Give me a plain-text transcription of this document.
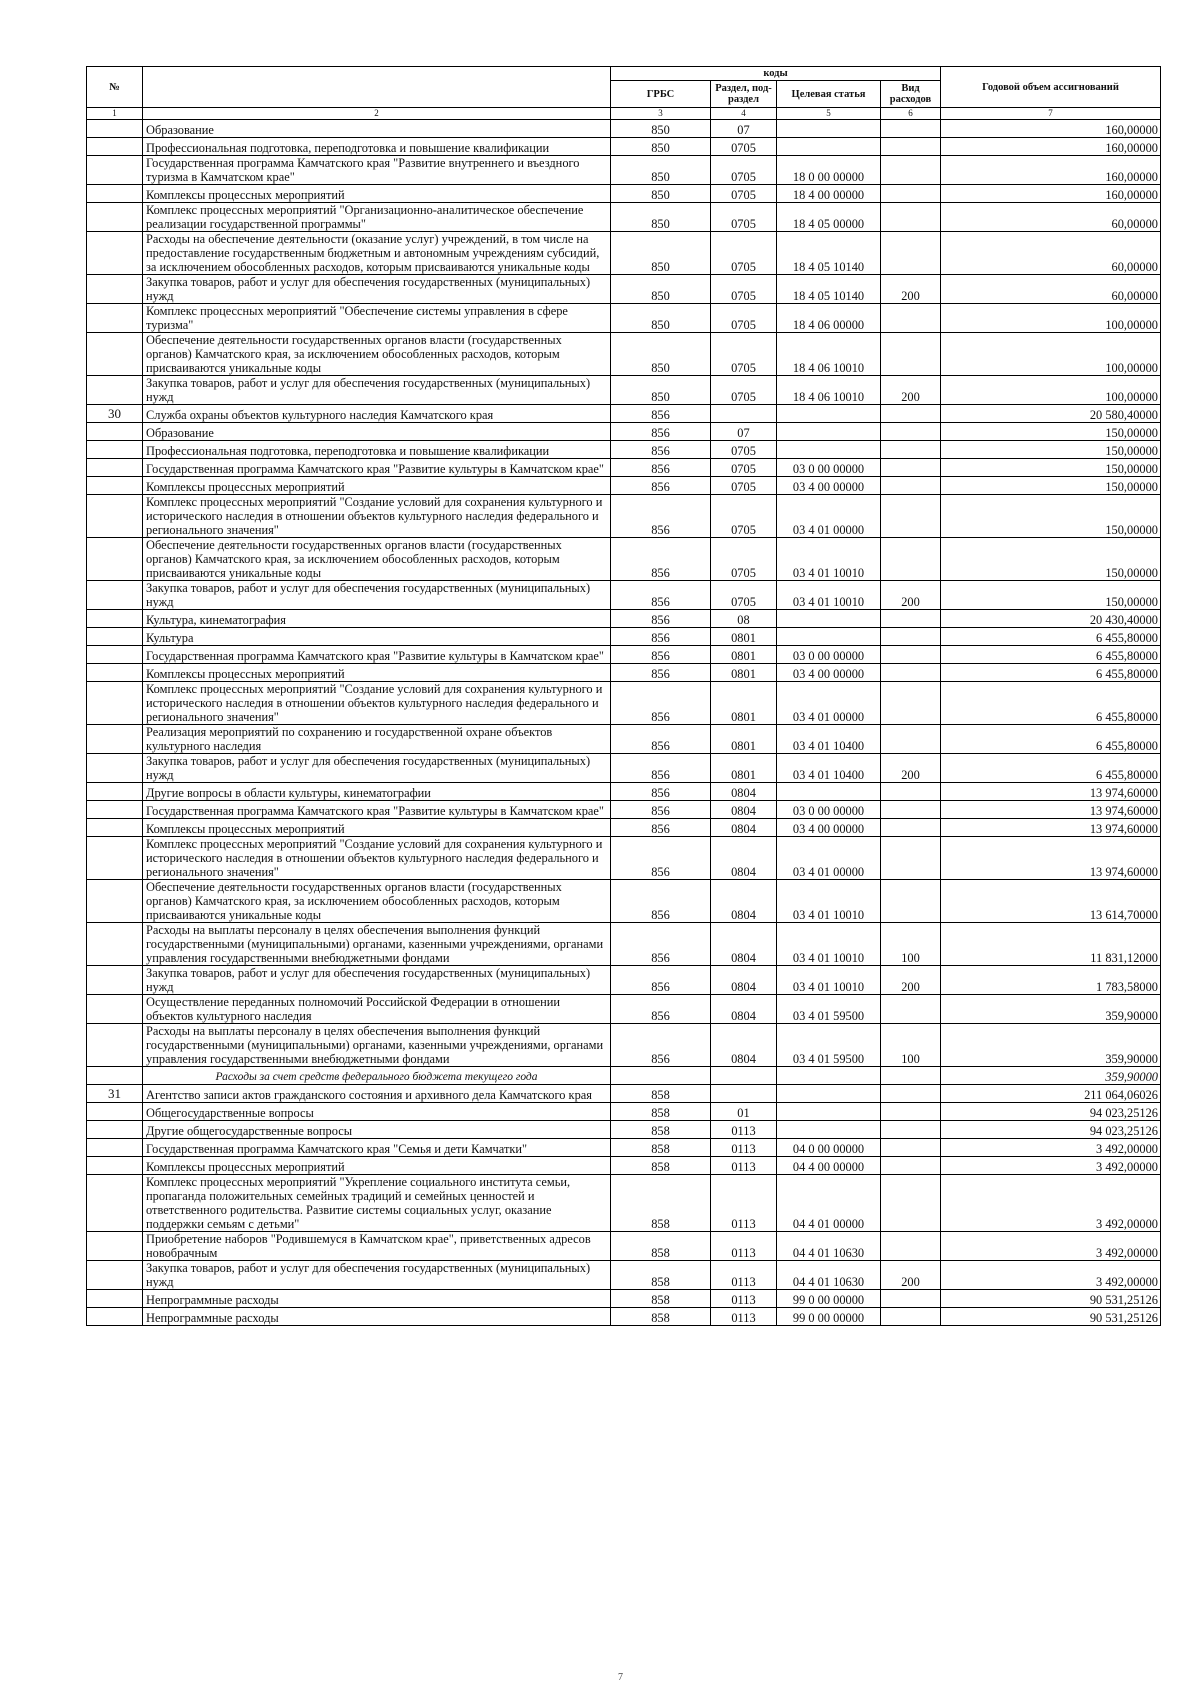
№		коды				Годовой объем ассигнований
		ГРБС	Раздел, под-раздел	Целевая статья	Вид расходов	
1	2	3	4	5	6	7
	Образование	850	07			160,00000
	Профессиональная подготовка, переподготовка и повышение квалификации	850	0705			160,00000
	Государственная программа Камчатского края "Развитие внутреннего и въездного туризма в Камчатском крае"	850	0705	18 0 00 00000		160,00000
	Комплексы процессных мероприятий	850	0705	18 4 00 00000		160,00000
	Комплекс процессных мероприятий "Организационно-аналитическое обеспечение реализации государственной программы"	850	0705	18 4 05 00000		60,00000
	Расходы на обеспечение деятельности (оказание услуг) учреждений, в том числе на предоставление государственным бюджетным и автономным учреждениям субсидий, за исключением обособленных расходов, которым присваиваются уникальные коды	850	0705	18 4 05 10140		60,00000
	Закупка товаров, работ и услуг для обеспечения государственных (муниципальных) нужд	850	0705	18 4 05 10140	200	60,00000
	Комплекс процессных мероприятий "Обеспечение системы управления в сфере туризма"	850	0705	18 4 06 00000		100,00000
	Обеспечение деятельности государственных органов власти (государственных органов) Камчатского края, за исключением обособленных расходов, которым присваиваются уникальные коды	850	0705	18 4 06 10010		100,00000
	Закупка товаров, работ и услуг для обеспечения государственных (муниципальных) нужд	850	0705	18 4 06 10010	200	100,00000
30	Служба охраны объектов культурного наследия Камчатского края	856				20 580,40000
	Образование	856	07			150,00000
	Профессиональная подготовка, переподготовка и повышение квалификации	856	0705			150,00000
	Государственная программа Камчатского края "Развитие культуры в Камчатском крае"	856	0705	03 0 00 00000		150,00000
	Комплексы процессных мероприятий	856	0705	03 4 00 00000		150,00000
	Комплекс процессных мероприятий "Создание условий для сохранения культурного и исторического наследия в отношении объектов культурного наследия федерального и регионального значения"	856	0705	03 4 01 00000		150,00000
	Обеспечение деятельности государственных органов власти (государственных органов) Камчатского края, за исключением обособленных расходов, которым присваиваются уникальные коды	856	0705	03 4 01 10010		150,00000
	Закупка товаров, работ и услуг для обеспечения государственных (муниципальных) нужд	856	0705	03 4 01 10010	200	150,00000
	Культура, кинематография	856	08			20 430,40000
	Культура	856	0801			6 455,80000
	Государственная программа Камчатского края "Развитие культуры в Камчатском крае"	856	0801	03 0 00 00000		6 455,80000
	Комплексы процессных мероприятий	856	0801	03 4 00 00000		6 455,80000
	Комплекс процессных мероприятий "Создание условий для сохранения культурного и исторического наследия в отношении объектов культурного наследия федерального и регионального значения"	856	0801	03 4 01 00000		6 455,80000
	Реализация мероприятий по сохранению и государственной охране объектов культурного наследия	856	0801	03 4 01 10400		6 455,80000
	Закупка товаров, работ и услуг для обеспечения государственных (муниципальных) нужд	856	0801	03 4 01 10400	200	6 455,80000
	Другие вопросы в области культуры, кинематографии	856	0804			13 974,60000
	Государственная программа Камчатского края "Развитие культуры в Камчатском крае"	856	0804	03 0 00 00000		13 974,60000
	Комплексы процессных мероприятий	856	0804	03 4 00 00000		13 974,60000
	Комплекс процессных мероприятий "Создание условий для сохранения культурного и исторического наследия в отношении объектов культурного наследия федерального и регионального значения"	856	0804	03 4 01 00000		13 974,60000
	Обеспечение деятельности государственных органов власти (государственных органов) Камчатского края, за исключением обособленных расходов, которым присваиваются уникальные коды	856	0804	03 4 01 10010		13 614,70000
	Расходы на выплаты персоналу в целях обеспечения выполнения функций государственными (муниципальными) органами, казенными учреждениями, органами управления государственными внебюджетными фондами	856	0804	03 4 01 10010	100	11 831,12000
	Закупка товаров, работ и услуг для обеспечения государственных (муниципальных) нужд	856	0804	03 4 01 10010	200	1 783,58000
	Осуществление переданных полномочий Российской Федерации в отношении объектов культурного наследия	856	0804	03 4 01 59500		359,90000
	Расходы на выплаты персоналу в целях обеспечения выполнения функций государственными (муниципальными) органами, казенными учреждениями, органами управления государственными внебюджетными фондами	856	0804	03 4 01 59500	100	359,90000
	Расходы за счет средств федерального бюджета текущего года					359,90000
31	Агентство записи актов гражданского состояния и архивного дела Камчатского края	858				211 064,06026
	Общегосударственные вопросы	858	01			94 023,25126
	Другие общегосударственные вопросы	858	0113			94 023,25126
	Государственная программа Камчатского края "Семья и дети Камчатки"	858	0113	04 0 00 00000		3 492,00000
	Комплексы процессных мероприятий	858	0113	04 4 00 00000		3 492,00000
	Комплекс процессных мероприятий "Укрепление социального института семьи, пропаганда положительных семейных традиций и семейных ценностей и ответственного родительства. Развитие системы социальных услуг, оказание поддержки семьям с детьми"	858	0113	04 4 01 00000		3 492,00000
	Приобретение наборов "Родившемуся в Камчатском крае", приветственных адресов новобрачным	858	0113	04 4 01 10630		3 492,00000
	Закупка товаров, работ и услуг для обеспечения государственных (муниципальных) нужд	858	0113	04 4 01 10630	200	3 492,00000
	Непрограммные расходы	858	0113	99 0 00 00000		90 531,25126
	Непрограммные расходы	858	0113	99 0 00 00000		90 531,25126
7
